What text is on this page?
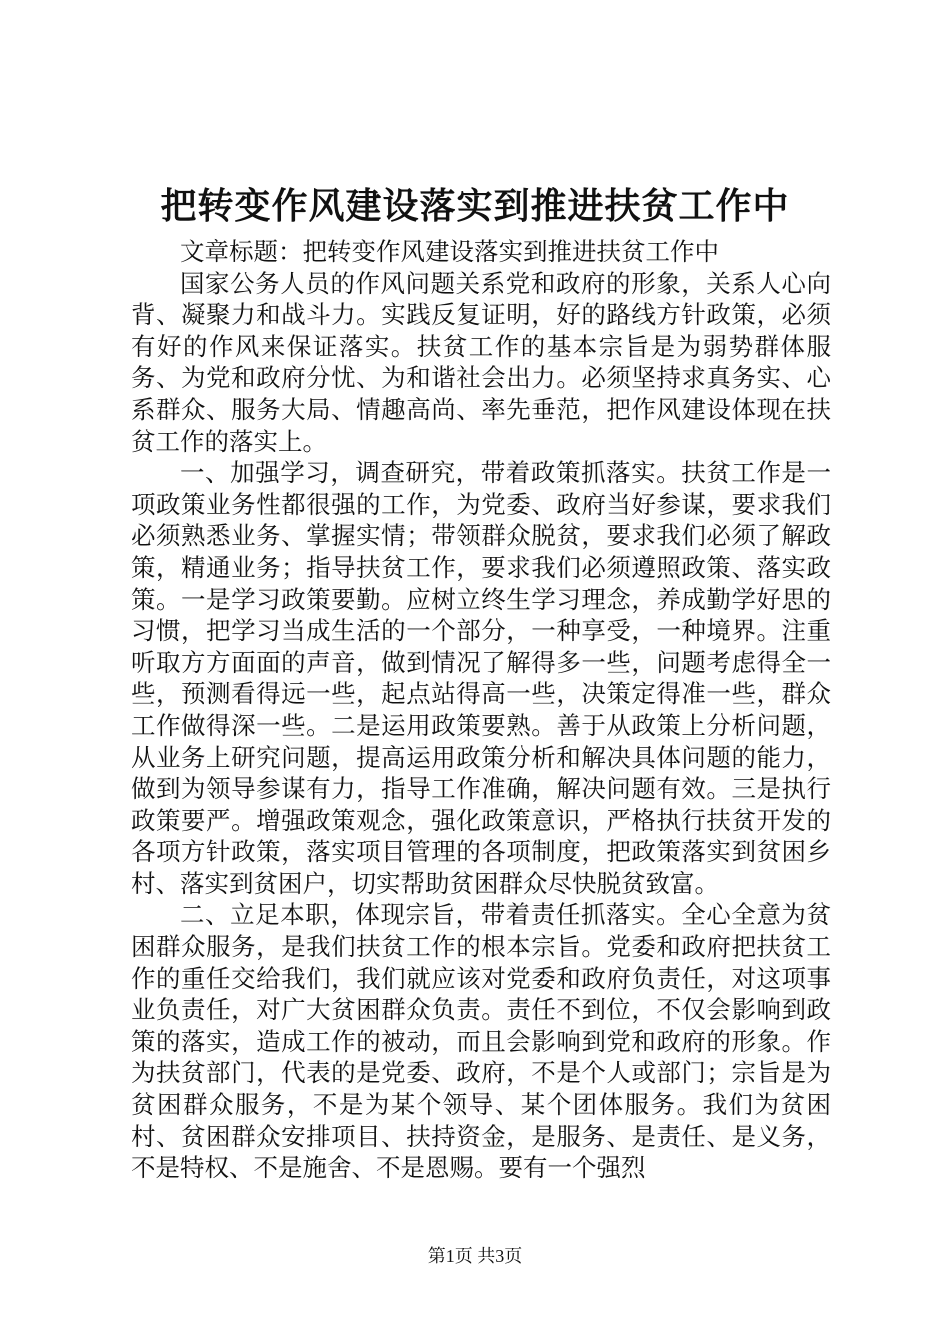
把转变作风建设落实到推进扶贫工作中

文章标题：把转变作风建设落实到推进扶贫工作中

国家公务人员的作风问题关系党和政府的形象，关系人心向背、凝聚力和战斗力。实践反复证明，好的路线方针政策，必须有好的作风来保证落实。扶贫工作的基本宗旨是为弱势群体服务、为党和政府分忧、为和谐社会出力。必须坚持求真务实、心系群众、服务大局、情趣高尚、率先垂范，把作风建设体现在扶贫工作的落实上。

一、加强学习，调查研究，带着政策抓落实。扶贫工作是一项政策业务性都很强的工作，为党委、政府当好参谋，要求我们必须熟悉业务、掌握实情；带领群众脱贫，要求我们必须了解政策，精通业务；指导扶贫工作，要求我们必须遵照政策、落实政策。一是学习政策要勤。应树立终生学习理念，养成勤学好思的习惯，把学习当成生活的一个部分，一种享受，一种境界。注重听取方方面面的声音，做到情况了解得多一些，问题考虑得全一些，预测看得远一些，起点站得高一些，决策定得准一些，群众工作做得深一些。二是运用政策要熟。善于从政策上分析问题，从业务上研究问题，提高运用政策分析和解决具体问题的能力，做到为领导参谋有力，指导工作准确，解决问题有效。三是执行政策要严。增强政策观念，强化政策意识，严格执行扶贫开发的各项方针政策，落实项目管理的各项制度，把政策落实到贫困乡村、落实到贫困户，切实帮助贫困群众尽快脱贫致富。

二、立足本职，体现宗旨，带着责任抓落实。全心全意为贫困群众服务，是我们扶贫工作的根本宗旨。党委和政府把扶贫工作的重任交给我们，我们就应该对党委和政府负责任，对这项事业负责任，对广大贫困群众负责。责任不到位，不仅会影响到政策的落实，造成工作的被动，而且会影响到党和政府的形象。作为扶贫部门，代表的是党委、政府，不是个人或部门；宗旨是为贫困群众服务，不是为某个领导、某个团体服务。我们为贫困村、贫困群众安排项目、扶持资金，是服务、是责任、是义务，不是特权、不是施舍、不是恩赐。要有一个强烈

第1页 共3页
